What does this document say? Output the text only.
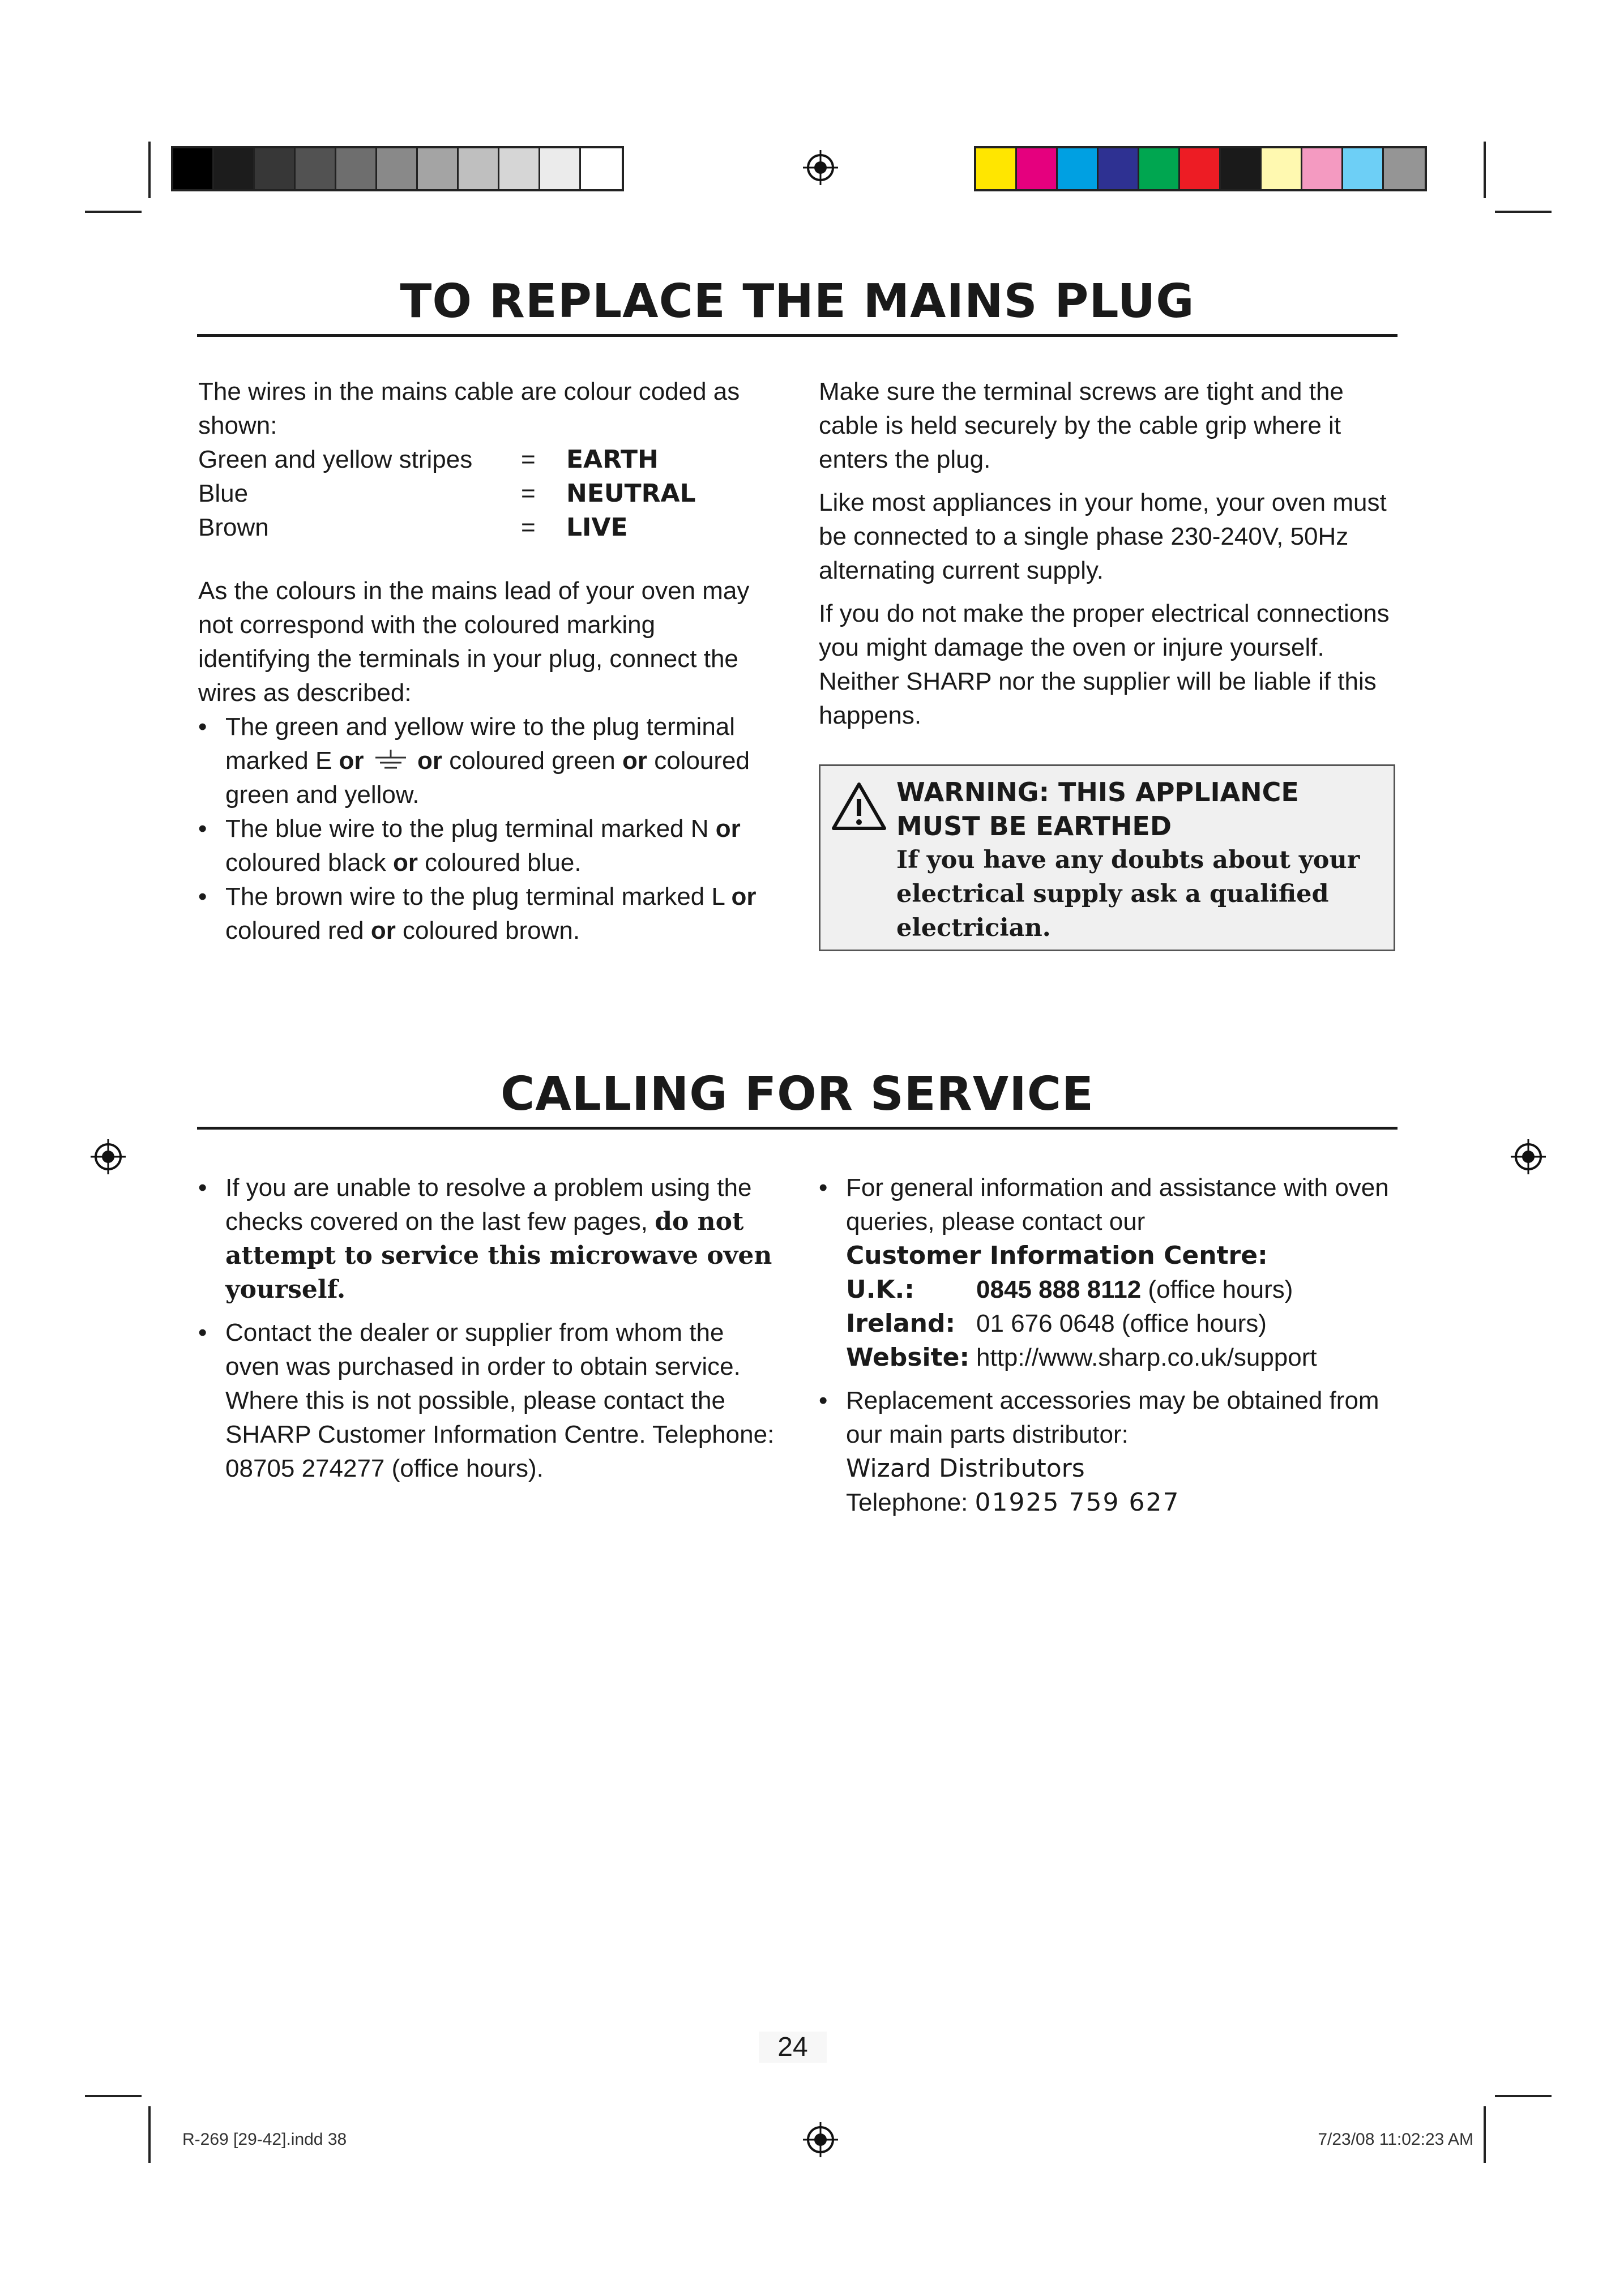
TO REPLACE THE MAINS PLUG

The wires in the mains cable are colour coded as shown:

Green and yellow stripes	=	EARTH
Blue	=	NEUTRAL
Brown	=	LIVE

As the colours in the mains lead of your oven may not correspond with the coloured marking identifying the terminals in your plug, connect the wires as described:

• The green and yellow wire to the plug terminal marked E or or coloured green or coloured green and yellow.
• The blue wire to the plug terminal marked N or coloured black or coloured blue.
• The brown wire to the plug terminal marked L or coloured red or coloured brown.

Make sure the terminal screws are tight and the cable is held securely by the cable grip where it enters the plug.

Like most appliances in your home, your oven must be connected to a single phase 230-240V, 50Hz alternating current supply.

If you do not make the proper electrical connections you might damage the oven or injure yourself. Neither SHARP nor the supplier will be liable if this happens.

WARNING: THIS APPLIANCE
MUST BE EARTHED
If you have any doubts about your electrical supply ask a qualified electrician.
CALLING FOR SERVICE
• If you are unable to resolve a problem using the checks covered on the last few pages, do not attempt to service this microwave oven yourself.
• Contact the dealer or supplier from whom the oven was purchased in order to obtain service. Where this is not possible, please contact the SHARP Customer Information Centre. Telephone: 08705 274277 (office hours).
• For general information and assistance with oven queries, please contact our
Customer Information Centre:
U.K.:	0845 888 8112 (office hours)
Ireland: 01 676 0648 (office hours)
Website: http://www.sharp.co.uk/support
• Replacement accessories may be obtained from our main parts distributor:
Wizard Distributors
Telephone: 01925 759 627
24
R-269 [29-42].indd 38	7/23/08 11:02:23 AM
